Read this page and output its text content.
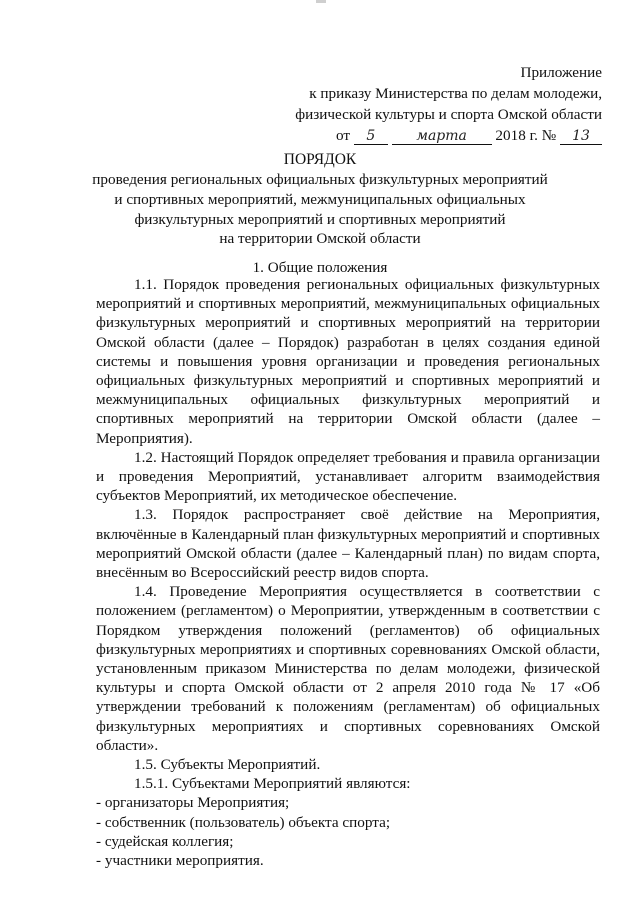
Приложение
к приказу Министерства по делам молодежи,
физической культуры и спорта Омской области
от 5	марта 2018 г. № 13
ПОРЯДОК
проведения региональных официальных физкультурных мероприятий
и спортивных мероприятий, межмуниципальных официальных
физкультурных мероприятий и спортивных мероприятий
на территории Омской области
1. Общие положения

1.1. Порядок проведения региональных официальных физкультурных мероприятий и спортивных мероприятий, межмуниципальных официальных физкультурных мероприятий и спортивных мероприятий на территории Омской области (далее – Порядок) разработан в целях создания единой системы и повышения уровня организации и проведения региональных официальных физкультурных мероприятий и спортивных мероприятий и межмуниципальных официальных физкультурных мероприятий и спортивных мероприятий на территории Омской области (далее – Мероприятия).

1.2. Настоящий Порядок определяет требования и правила организации и проведения Мероприятий, устанавливает алгоритм взаимодействия субъектов Мероприятий, их методическое обеспечение.

1.3. Порядок распространяет своё действие на Мероприятия, включённые в Календарный план физкультурных мероприятий и спортивных мероприятий Омской области (далее – Календарный план) по видам спорта, внесённым во Всероссийский реестр видов спорта.

1.4. Проведение Мероприятия осуществляется в соответствии с положением (регламентом) о Мероприятии, утвержденным в соответствии с Порядком утверждения положений (регламентов) об официальных физкультурных мероприятиях и спортивных соревнованиях Омской области, установленным приказом Министерства по делам молодежи, физической культуры и спорта Омской области от 2 апреля 2010 года № 17 «Об утверждении требований к положениям (регламентам) об официальных физкультурных мероприятиях и спортивных соревнованиях Омской области».

1.5. Субъекты Мероприятий.

1.5.1. Субъектами Мероприятий являются:

- организаторы Мероприятия;

- собственник (пользователь) объекта спорта;

- судейская коллегия;

- участники мероприятия.
